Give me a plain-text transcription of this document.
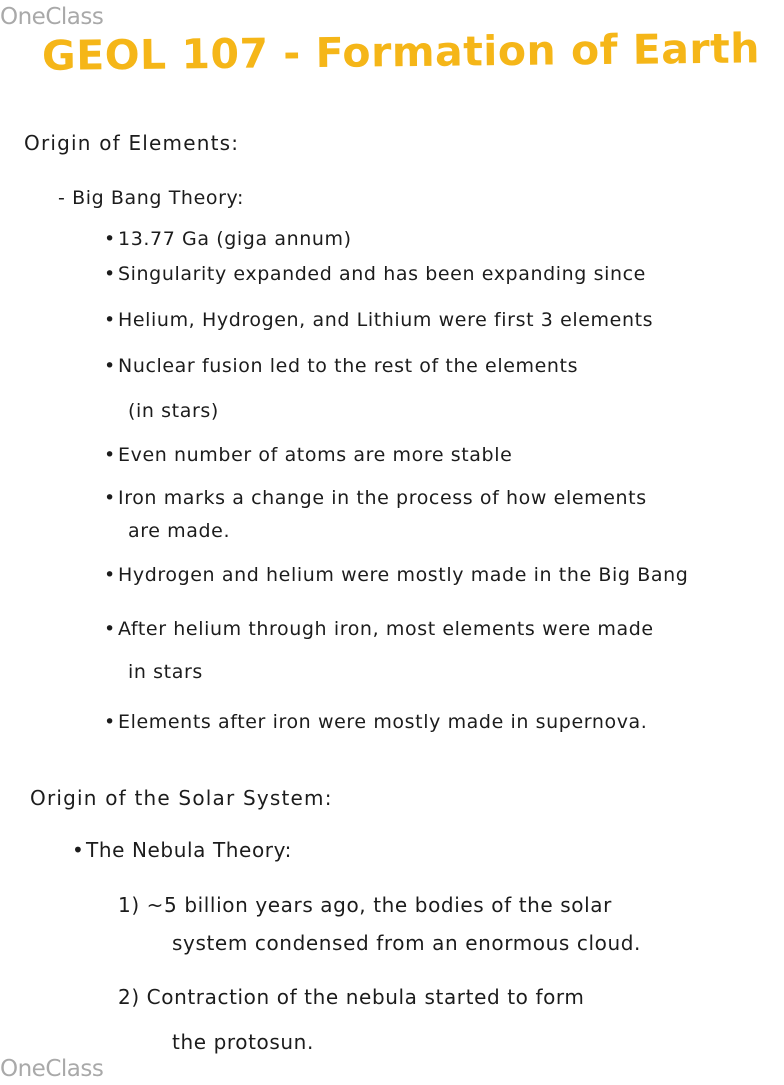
OneClass
GEOL 107 - Formation of Earth
Origin of Elements:
- Big Bang Theory:
• 13.77 Ga (giga annum)
• Singularity expanded and has been expanding since
• Helium, Hydrogen, and Lithium were first 3 elements
• Nuclear fusion led to the rest of the elements
(in stars)
• Even number of atoms are more stable
• Iron marks a change in the process of how elements
are made.
• Hydrogen and helium were mostly made in the Big Bang
• After helium through iron, most elements were made
in stars
• Elements after iron were mostly made in supernova.
Origin of the Solar System:
•The Nebula Theory:
1) ~5 billion years ago, the bodies of the solar
system condensed from an enormous cloud.
2) Contraction of the nebula started to form
the protosun.
OneClass
